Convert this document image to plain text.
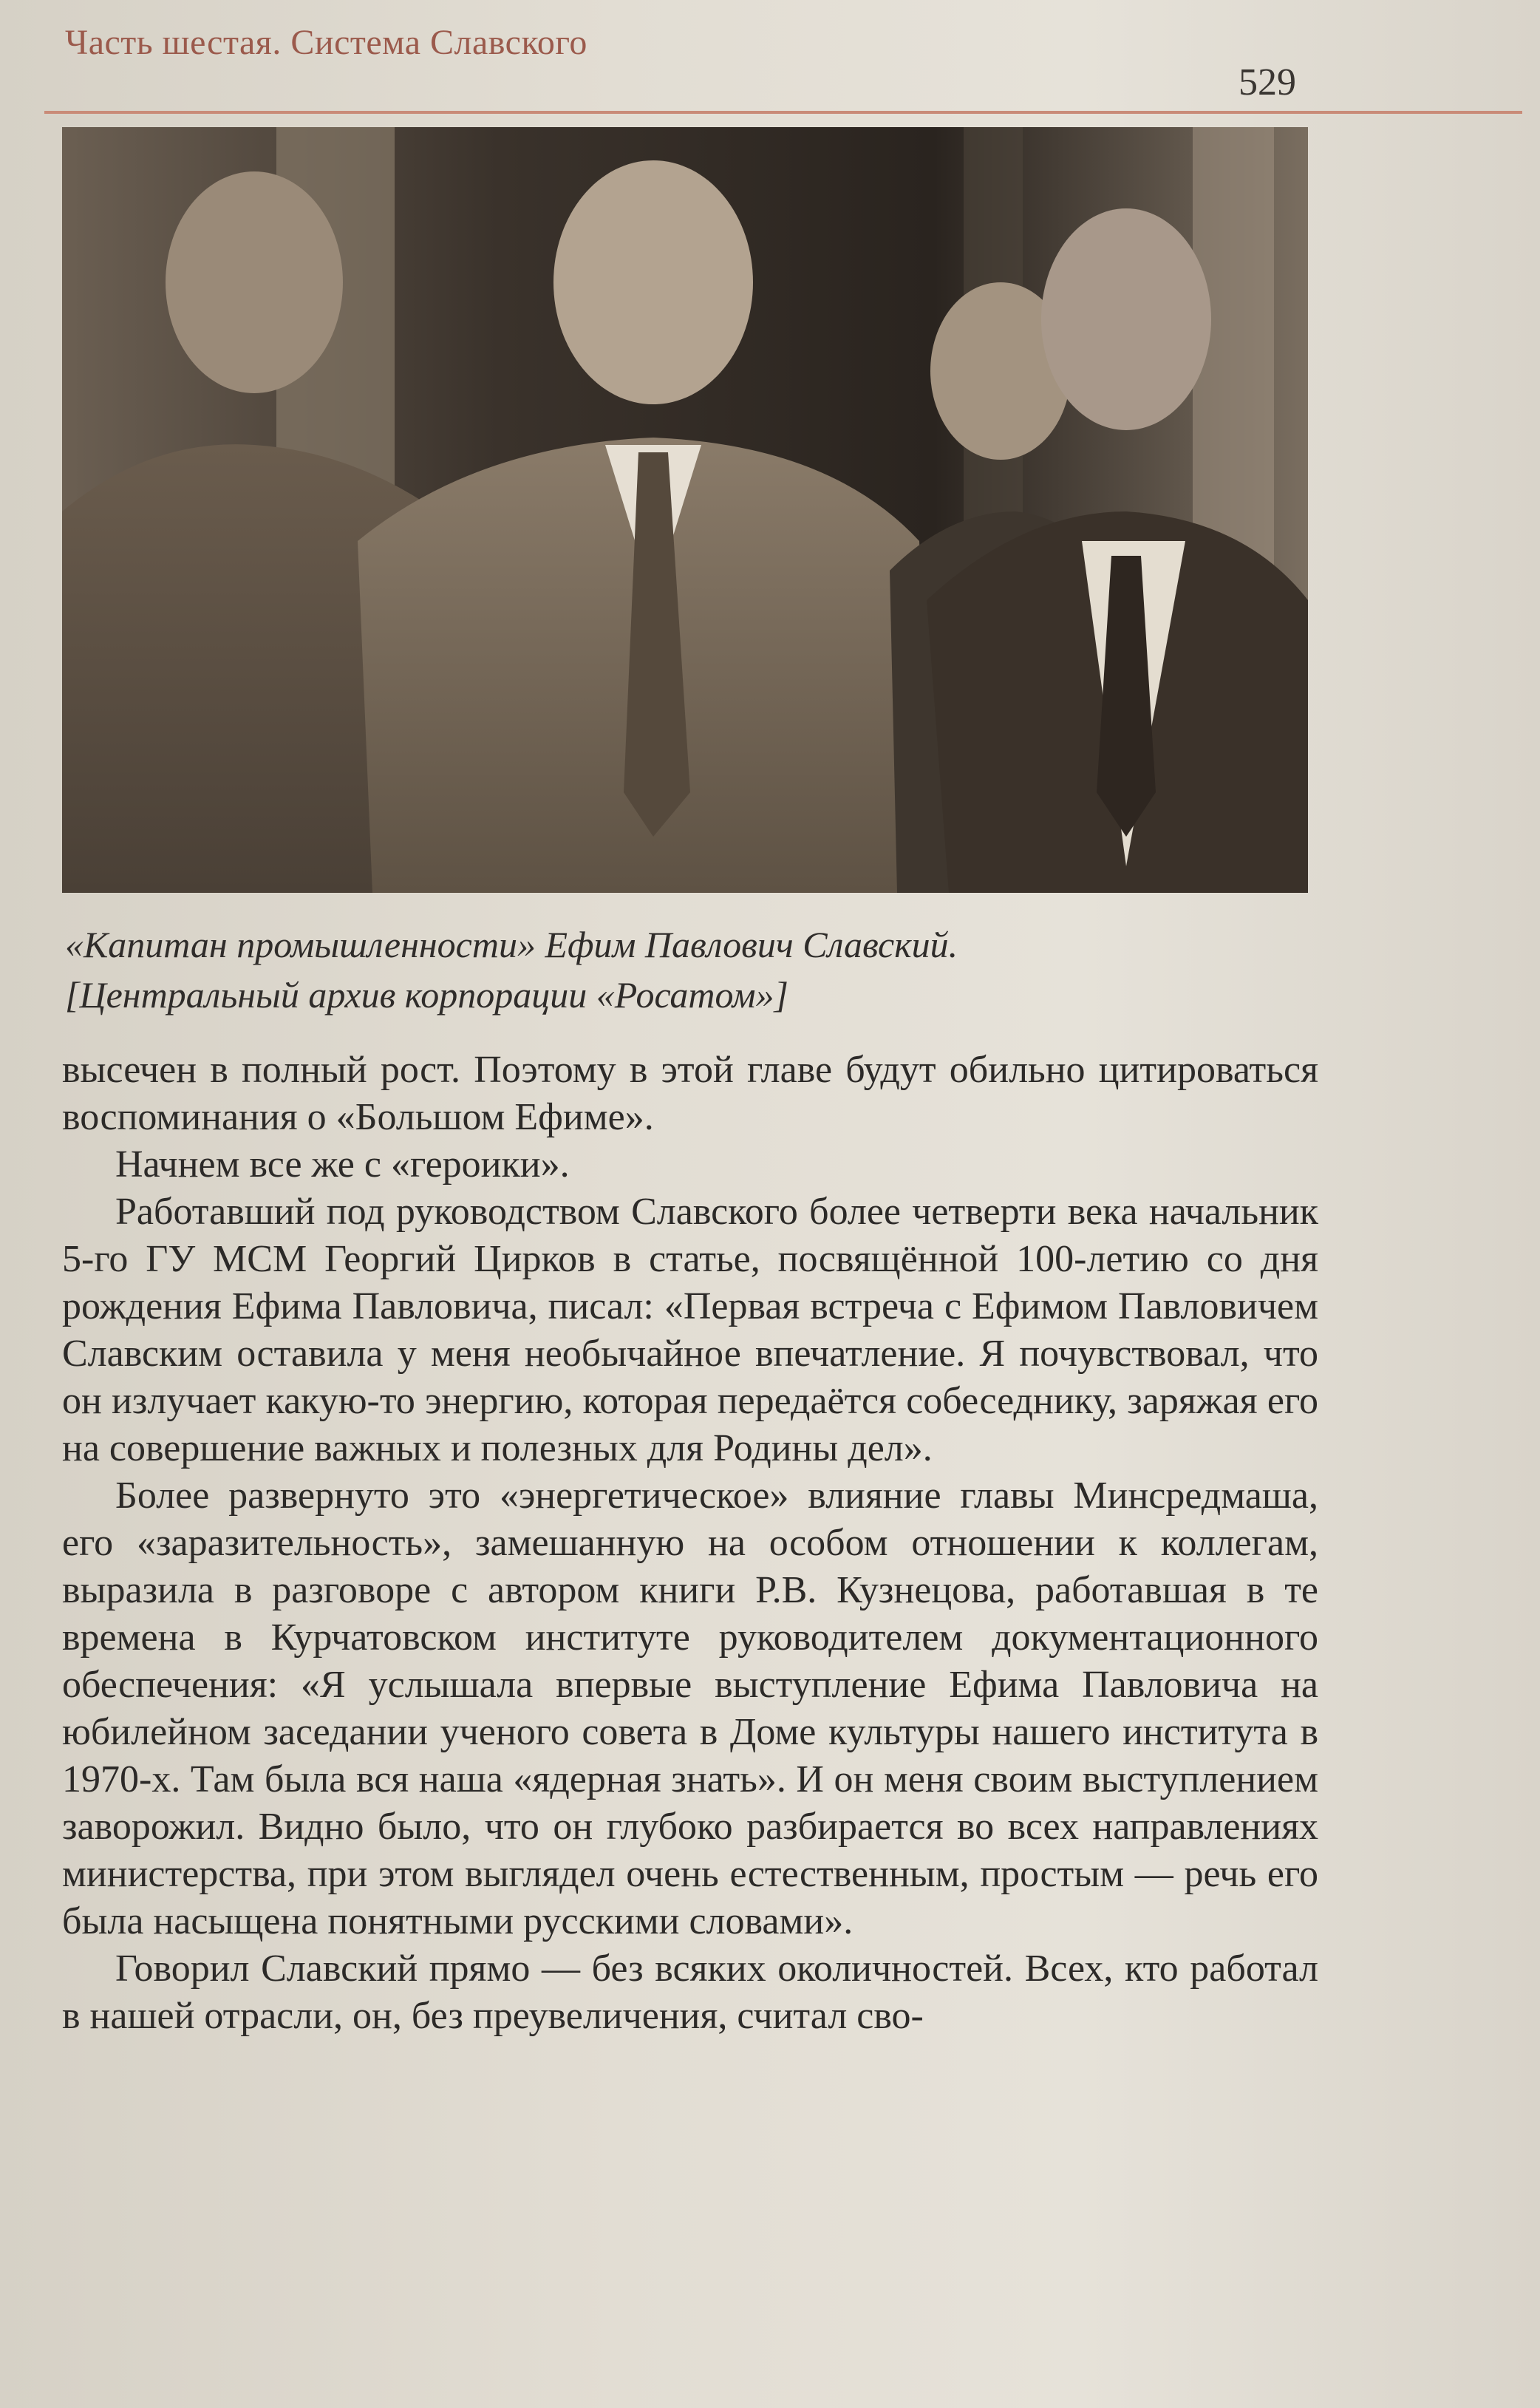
Часть шестая. Система Славского
529
«Капитан промышленности» Ефим Павлович Славский.
[Центральный архив корпорации «Росатом»]

высечен в полный рост. Поэтому в этой главе будут обильно цитироваться воспоминания о «Большом Ефиме».

Начнем все же с «героики».

Работавший под руководством Славского более четверти века начальник 5-го ГУ МСМ Георгий Цирков в статье, посвящённой 100-летию со дня рождения Ефима Павловича, писал: «Первая встреча с Ефимом Павловичем Славским оставила у меня необычайное впечатление. Я почувствовал, что он излучает какую-то энергию, которая передаётся собеседнику, заряжая его на совершение важных и полезных для Родины дел».

Более развернуто это «энергетическое» влияние главы Минсредмаша, его «заразительность», замешанную на особом отношении к коллегам, выразила в разговоре с автором книги Р.В. Кузнецова, работавшая в те времена в Курчатовском институте руководителем документационного обеспечения: «Я услышала впервые выступление Ефима Павловича на юбилейном заседании ученого совета в Доме культуры нашего института в 1970-х. Там была вся наша «ядерная знать». И он меня своим выступлением заворожил. Видно было, что он глубоко разбирается во всех направлениях министерства, при этом выглядел очень естественным, простым — речь его была насыщена понятными русскими словами».

Говорил Славский прямо — без всяких околичностей. Всех, кто работал в нашей отрасли, он, без преувеличения, считал сво-
